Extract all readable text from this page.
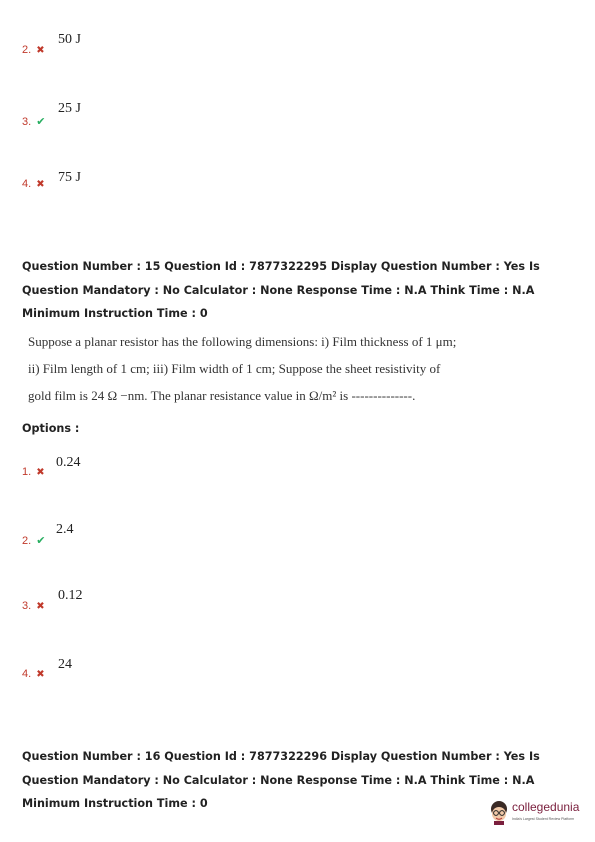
2. ✖
50 J
3. ✔
25 J
4. ✖ 75 J
Question Number : 15 Question Id : 7877322295 Display Question Number : Yes Is Question Mandatory : No Calculator : None Response Time : N.A Think Time : N.A Minimum Instruction Time : 0
Suppose a planar resistor has the following dimensions: i) Film thickness of 1 μm;
ii) Film length of 1 cm; iii) Film width of 1 cm; Suppose the sheet resistivity of
gold film is 24 Ω −nm. The planar resistance value in Ω/m² is --------------.
Options :
1. ✖
0.24
2. ✔
2.4
3. ✖
0.12
4. ✖
24
Question Number : 16 Question Id : 7877322296 Display Question Number : Yes Is Question Mandatory : No Calculator : None Response Time : N.A Think Time : N.A Minimum Instruction Time : 0	collegedunia
India's Largest Student Review Platform
